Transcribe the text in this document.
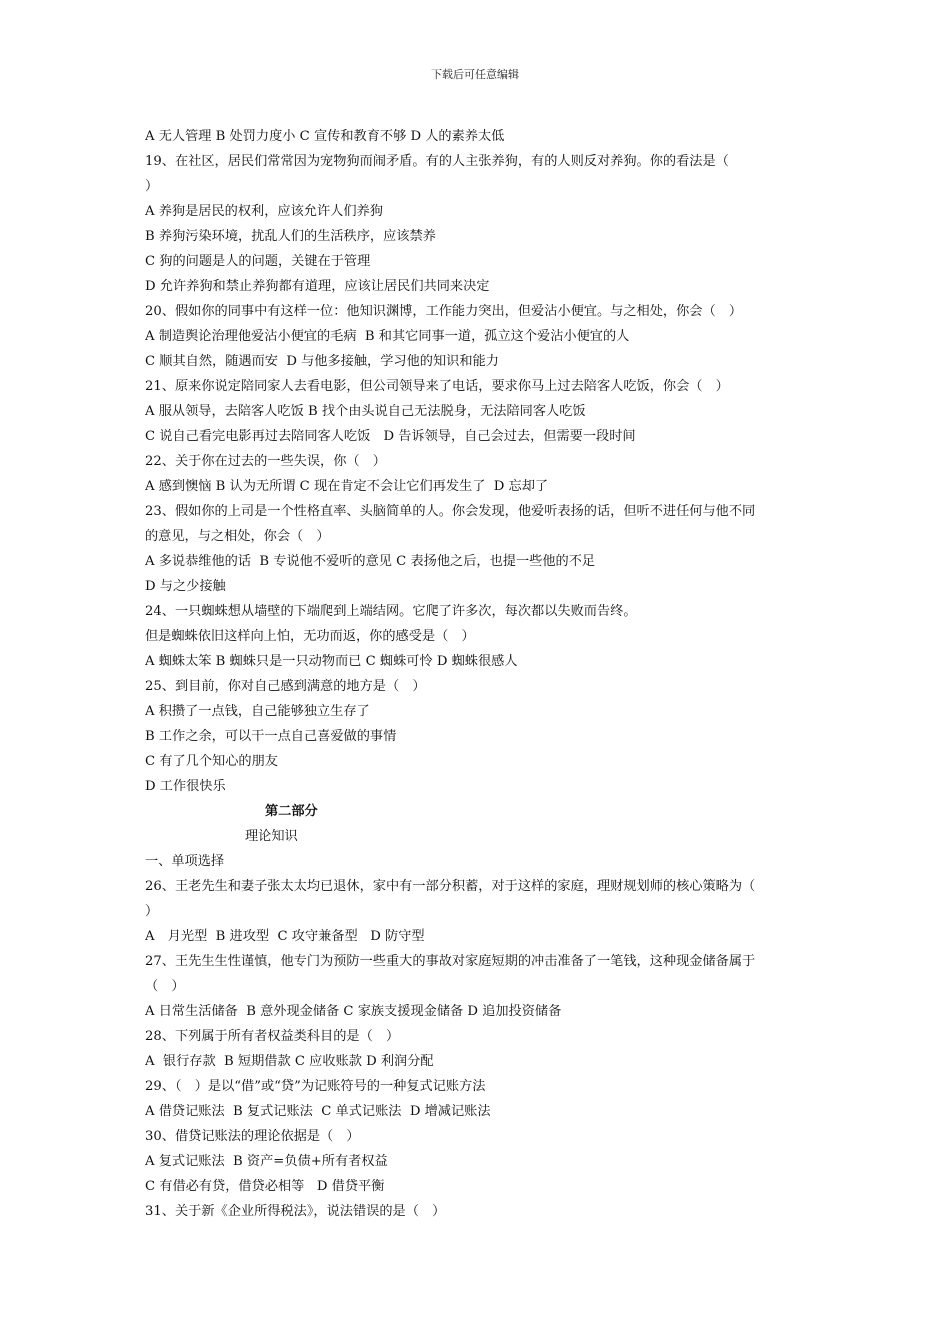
下载后可任意编辑
A 无人管理 B 处罚力度小 C 宣传和教育不够 D 人的素养太低
19、在社区，居民们常常因为宠物狗而闹矛盾。有的人主张养狗，有的人则反对养狗。你的看法是（
）
A 养狗是居民的权利，应该允许人们养狗
B 养狗污染环境，扰乱人们的生活秩序，应该禁养
C 狗的问题是人的问题，关键在于管理
D 允许养狗和禁止养狗都有道理，应该让居民们共同来决定
20、假如你的同事中有这样一位：他知识渊博，工作能力突出，但爱沾小便宜。与之相处，你会（　）
A 制造舆论治理他爱沾小便宜的毛病  B 和其它同事一道，孤立这个爱沾小便宜的人
C 顺其自然，随遇而安  D 与他多接触，学习他的知识和能力
21、原来你说定陪同家人去看电影，但公司领导来了电话，要求你马上过去陪客人吃饭，你会（　）
A 服从领导，去陪客人吃饭 B 找个由头说自己无法脱身，无法陪同客人吃饭
C 说自己看完电影再过去陪同客人吃饭　D 告诉领导，自己会过去，但需要一段时间
22、关于你在过去的一些失误，你（　）
A 感到懊恼 B 认为无所谓 C 现在肯定不会让它们再发生了  D 忘却了
23、假如你的上司是一个性格直率、头脑简单的人。你会发现，他爱听表扬的话，但听不进任何与他不同
的意见，与之相处，你会（　）
A 多说恭维他的话  B 专说他不爱听的意见 C 表扬他之后，也提一些他的不足
D 与之少接触
24、一只蜘蛛想从墙壁的下端爬到上端结网。它爬了许多次，每次都以失败而告终。
但是蜘蛛依旧这样向上怕，无功而返，你的感受是（　）
A 蜘蛛太笨 B 蜘蛛只是一只动物而已 C 蜘蛛可怜 D 蜘蛛很感人
25、到目前，你对自己感到满意的地方是（　）
A 积攒了一点钱，自己能够独立生存了
B 工作之余，可以干一点自己喜爱做的事情
C 有了几个知心的朋友
D 工作很快乐
第二部分
理论知识
一、单项选择
26、王老先生和妻子张太太均已退休，家中有一部分积蓄，对于这样的家庭，理财规划师的核心策略为（
）
A　月光型  B 进攻型  C 攻守兼备型   D 防守型
27、王先生生性谨慎，他专门为预防一些重大的事故对家庭短期的冲击准备了一笔钱，这种现金储备属于
（　）
A 日常生活储备  B 意外现金储备 C 家族支援现金储备 D 追加投资储备
28、下列属于所有者权益类科目的是（　）
A  银行存款  B 短期借款 C 应收账款 D 利润分配
29、（　）是以“借”或“贷”为记账符号的一种复式记账方法
A 借贷记账法  B 复式记账法  C 单式记账法  D 增减记账法
30、借贷记账法的理论依据是（　）
A 复式记账法  B 资产=负债+所有者权益
C 有借必有贷，借贷必相等   D 借贷平衡
31、关于新《企业所得税法》，说法错误的是（　）
